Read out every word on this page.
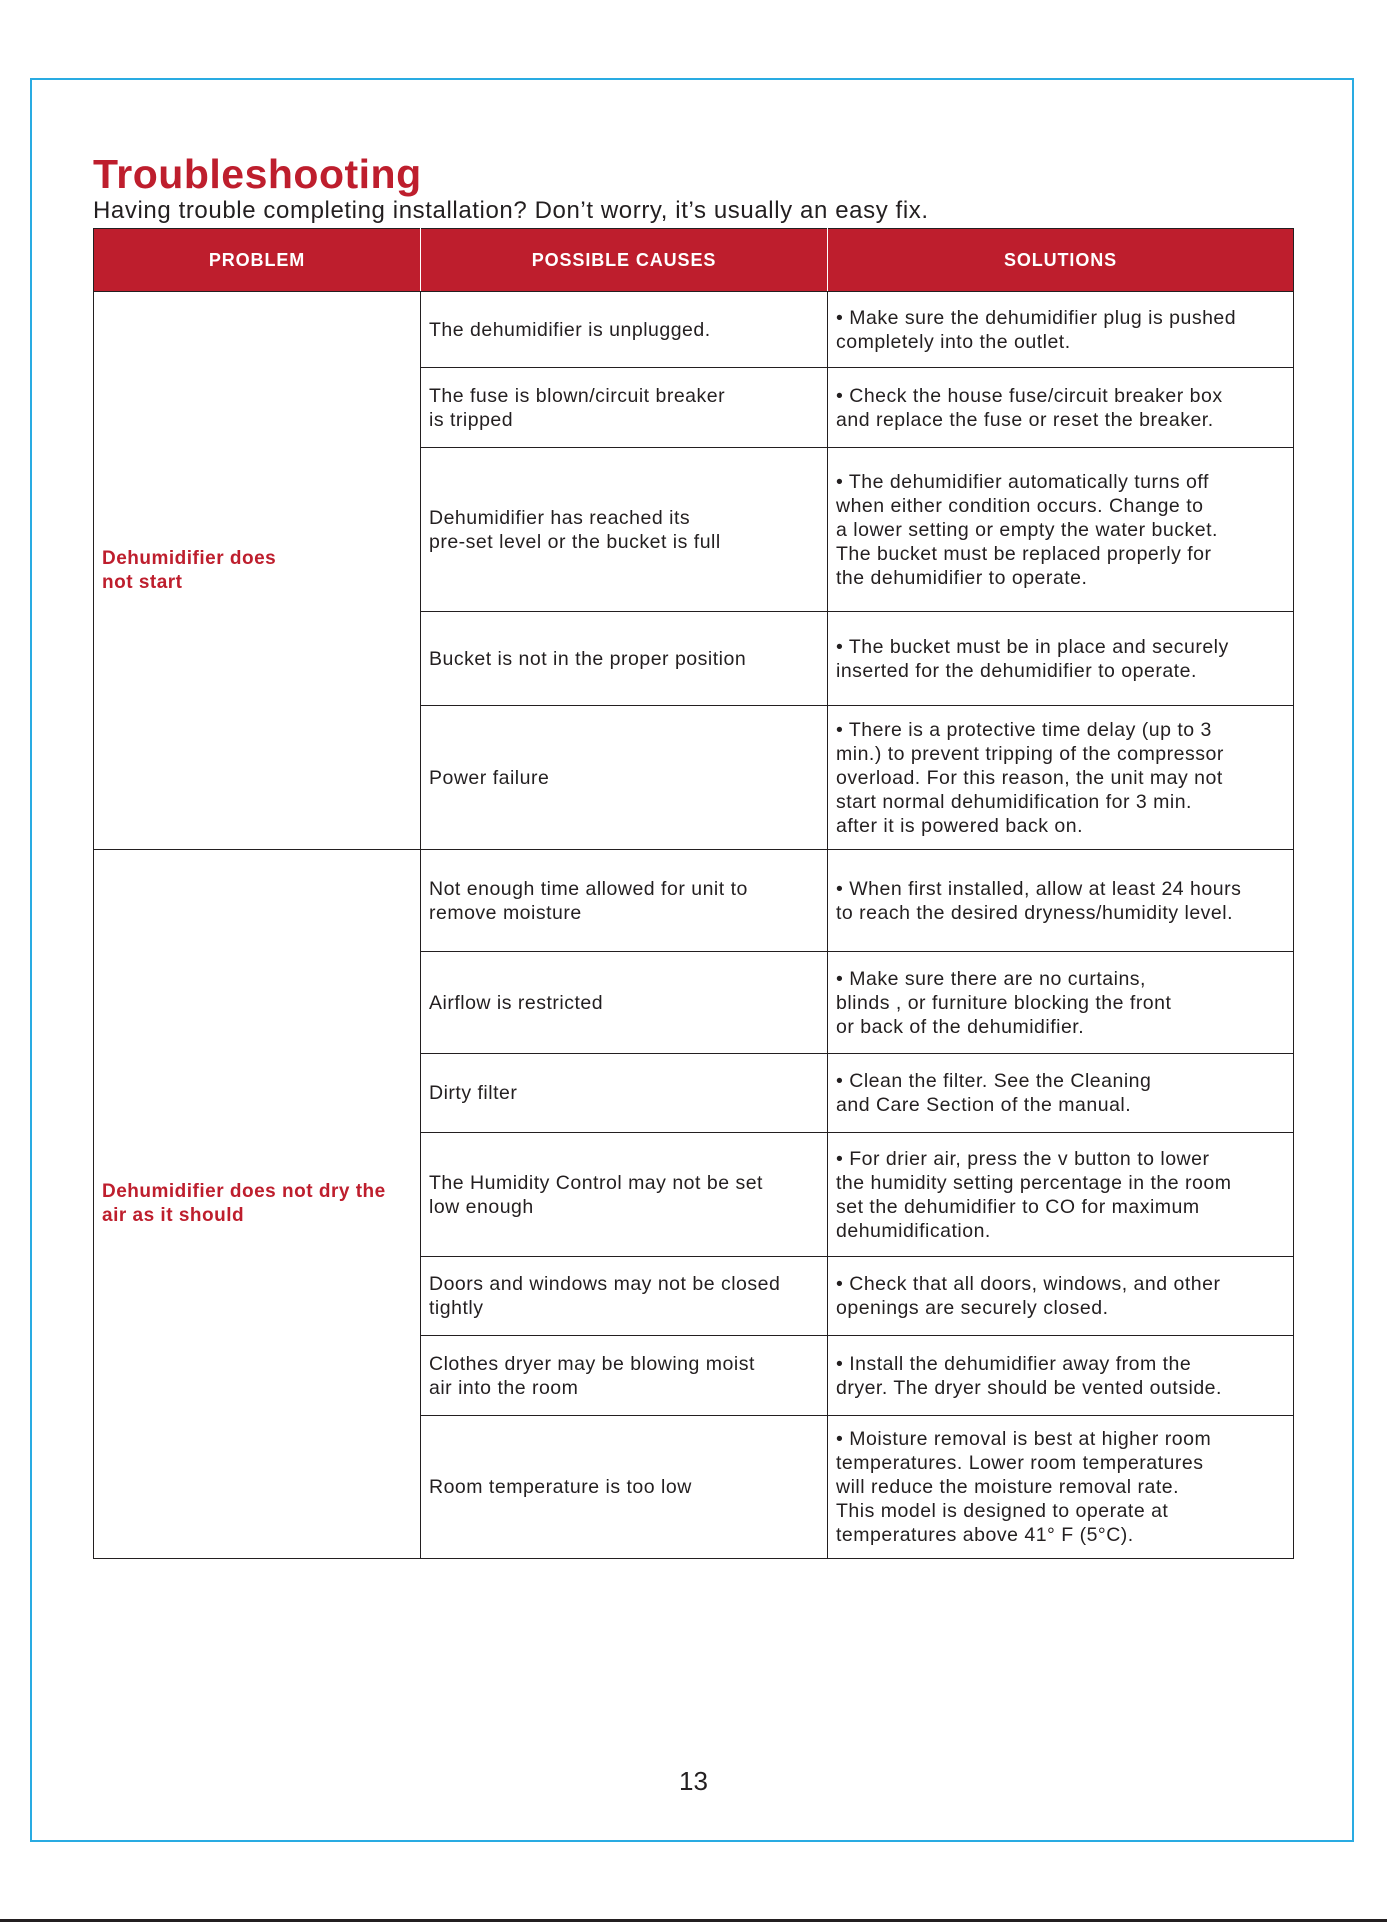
Troubleshooting

Having trouble completing installation? Don’t worry, it’s usually an easy fix.

PROBLEM	POSSIBLE CAUSES	SOLUTIONS
Dehumidifier does
not start	The dehumidifier is unplugged.	• Make sure the dehumidifier plug is pushed
completely into the outlet.
	The fuse is blown/circuit breaker
is tripped	• Check the house fuse/circuit breaker box
and replace the fuse or reset the breaker.
	Dehumidifier has reached its
pre-set level or the bucket is full	• The dehumidifier automatically turns off
when either condition occurs. Change to
a lower setting or empty the water bucket.
The bucket must be replaced properly for
the dehumidifier to operate.
	Bucket is not in the proper position	• The bucket must be in place and securely
inserted for the dehumidifier to operate.
	Power failure	• There is a protective time delay (up to 3
min.) to prevent tripping of the compressor
overload. For this reason, the unit may not
start normal dehumidification for 3 min.
after it is powered back on.
Dehumidifier does not dry the
air as it should	Not enough time allowed for unit to
remove moisture	• When first installed, allow at least 24 hours
to reach the desired dryness/humidity level.
	Airflow is restricted	• Make sure there are no curtains,
blinds , or furniture blocking the front
or back of the dehumidifier.
	Dirty filter	• Clean the filter. See the Cleaning
and Care Section of the manual.
	The Humidity Control may not be set
low enough	• For drier air, press the v button to lower
the humidity setting percentage in the room
set the dehumidifier to CO for maximum
dehumidification.
	Doors and windows may not be closed
tightly	• Check that all doors, windows, and other
openings are securely closed.
	Clothes dryer may be blowing moist
air into the room	• Install the dehumidifier away from the
dryer. The dryer should be vented outside.
	Room temperature is too low	• Moisture removal is best at higher room
temperatures. Lower room temperatures
will reduce the moisture removal rate.
This model is designed to operate at
temperatures above 41° F (5°C).
13
